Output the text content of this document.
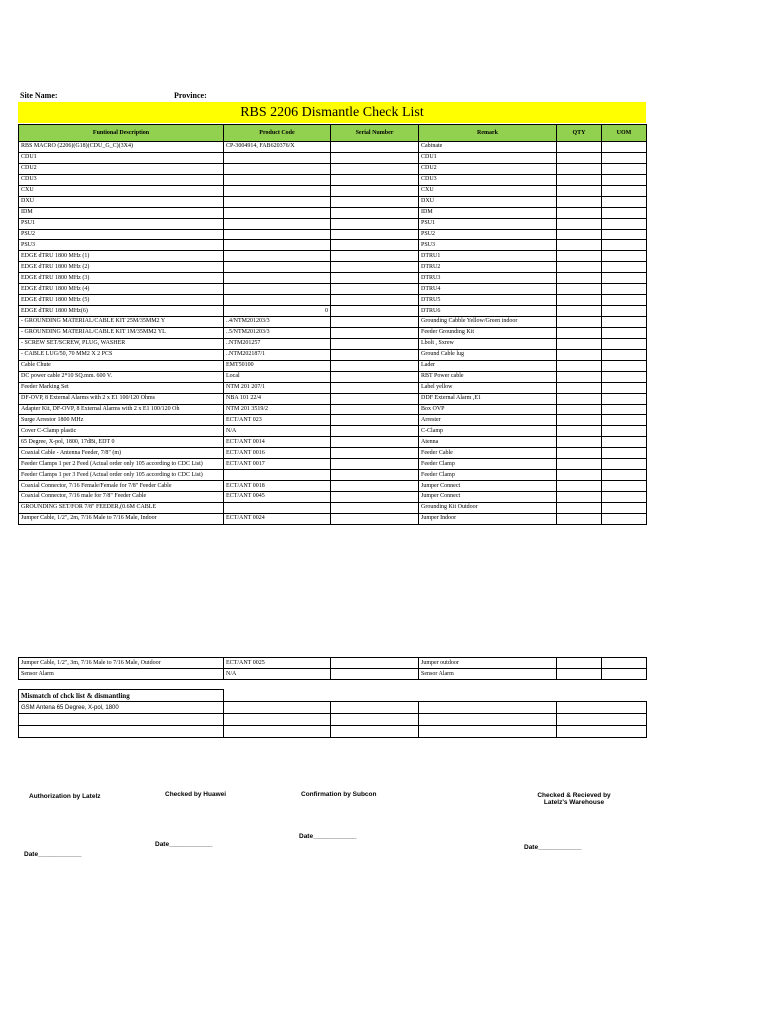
Site Name:	Province:
RBS 2206 Dismantle Check List
Funtional Description	Product Code	Serial Number	Remark	QTY	UOM
RBS MACRO (2206)(G18)(CDU_G_C)(3X4)	CP-3004914, FAB620376/X		Cabinate		
CDU1			CDU1		
CDU2			CDU2		
CDU3			CDU3		
CXU			CXU		
DXU			DXU		
IDM			IDM		
PSU1			PSU1		
PSU2			PSU2		
PSU3			PSU3		
EDGE dTRU 1800 MHz (1)			DTRU1		
EDGE dTRU 1800 MHz (2)			DTRU2		
EDGE dTRU 1800 MHz (3)			DTRU3		
EDGE dTRU 1800 MHz (4)			DTRU4		
EDGE dTRU 1800 MHz (5)			DTRU5		
EDGE dTRU 1800 MHz(6)	0		DTRU6		
- GROUNDING MATERIAL/CABLE KIT 25M/35MM2 Y	..4/NTM201203/3		Grounding Cabble Yellow/Green indoor		
- GROUNDING MATERIAL/CABLE KIT 1M/35MM2 YL	..5/NTM201203/3		Feeder Grounding Kit		
- SCREW SET/SCREW, PLUG, WASHER	..NTM201257		Lbolt , Sxrew		
- CABLE LUG/50, 70 MM2 X 2 PCS	..NTM202187/1		Ground Cable lug		
Cable Chute	EMT50100		Lader		
DC power cable 2*10 SQ.mm. 600 V.	Local		RBT Power cable		
Feeder Marking Set	NTM 201 207/1		Label yellow		
DF-OVP, 8 External Alarms with 2 x E1 100/120 Ohms	NBA 101 22/4		DDF External Alarm ,E1		
Adapter Kit, DF-OVP, 8 External Alarms with 2 x E1 100/120 Oh	NTM 201 3519/2		Box OVP		
Surge Arrestor 1800 MHz	ECT/ANT 023		Arrester		
Cover C-Clamp plastic	N/A		C-Clamp		
65 Degree, X-pol, 1800, 17dBi, EDT 0	ECT/ANT 0014		Atenna		
Coaxial Cable - Antenna Feeder, 7/8" (m)	ECT/ANT 0016		Feeder Cable		
Feeder Clamps 1 per 2 Feed (Actual order only 105 according to CDC List)	ECT/ANT 0017		Feeder Clamp		
Feeder Clamps 1 per 3 Feed (Actual order only 105 according to CDC List)			Feeder Clamp		
Coaxial Connector, 7/16 Female/Female for 7/8" Feeder Cable	ECT/ANT 0018		Jumper Connect		
Coaxial Connector, 7/16 male for 7/8" Feeder Cable	ECT/ANT 0045		Jumper Connect		
GROUNDING SET/FOR 7/8" FEEDER,(0.6M CABLE			Grounding Kit Outdoor		
Jumper Cable, 1/2", 2m, 7/16 Male to 7/16 Male, Indoor	ECT/ANT 0024		Jumper Indoor		
Jumper Cable, 1/2", 3m, 7/16 Male to 7/16 Male, Outdoor	ECT/ANT 0025		Jumper outdoor		
Sensor Alarm	N/A		Sensor Alarm		
Mismatch of chck list & dismantling				
GSM Antena 65 Degree, X-pol, 1800				

Authorization by Latelz	Checked by Huawei	Confirmation by Subcon	Checked & Recieved by
Latelz's Warehouse
Date____________
Date____________	Date____________
Date____________
